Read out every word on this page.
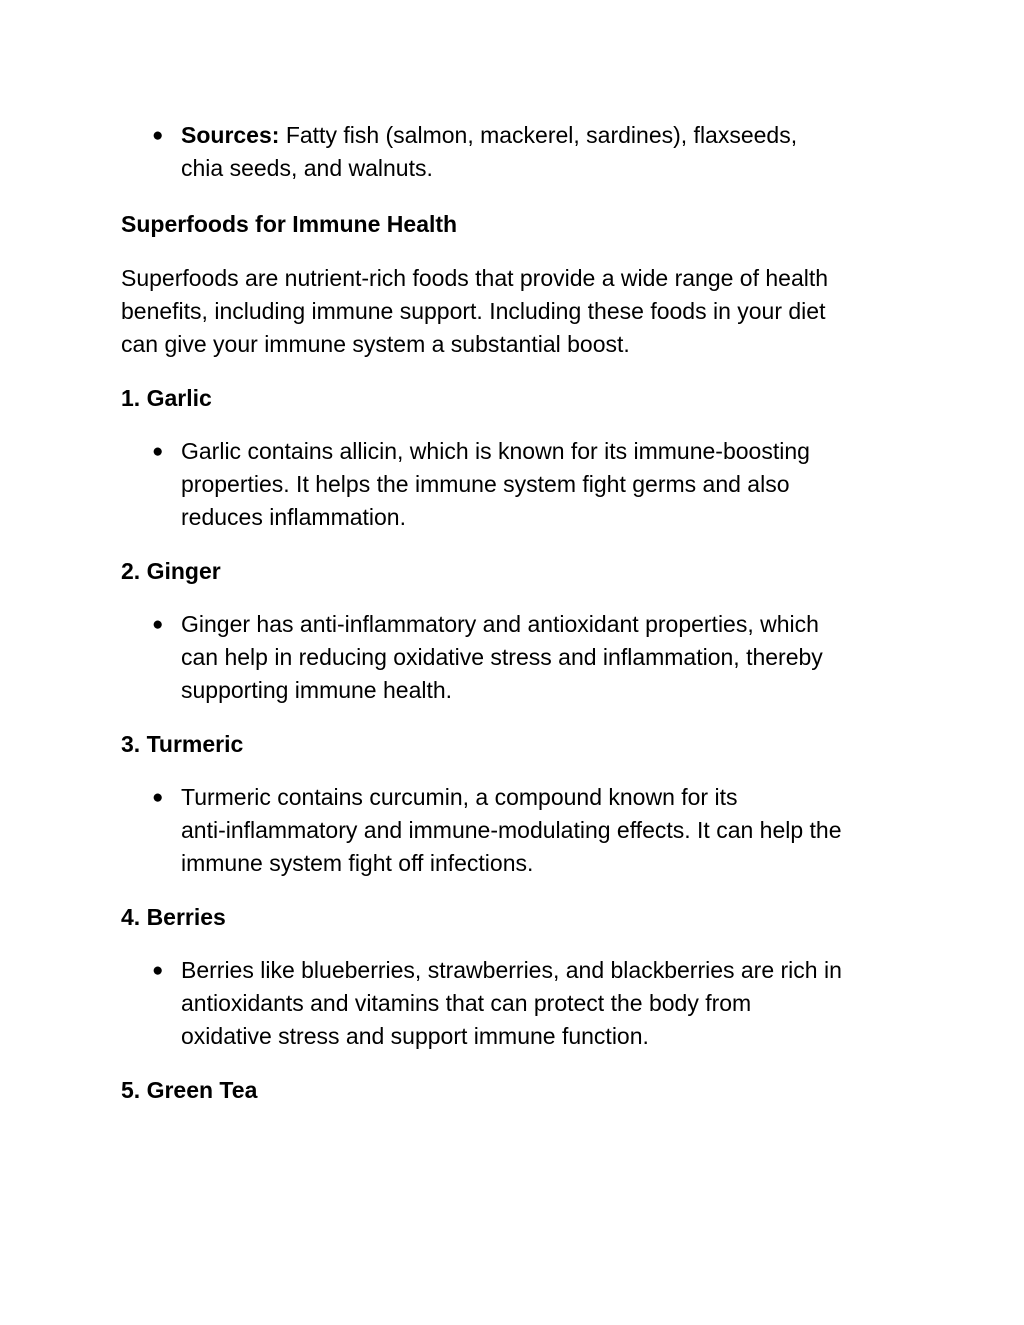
● Sources: Fatty fish (salmon, mackerel, sardines), flaxseeds,
chia seeds, and walnuts.
Superfoods for Immune Health
Superfoods are nutrient-rich foods that provide a wide range of health
benefits, including immune support. Including these foods in your diet
can give your immune system a substantial boost.
1. Garlic
● Garlic contains allicin, which is known for its immune-boosting
properties. It helps the immune system fight germs and also
reduces inflammation.
2. Ginger
● Ginger has anti-inflammatory and antioxidant properties, which
can help in reducing oxidative stress and inflammation, thereby
supporting immune health.
3. Turmeric
● Turmeric contains curcumin, a compound known for its
anti-inflammatory and immune-modulating effects. It can help the
immune system fight off infections.
4. Berries
● Berries like blueberries, strawberries, and blackberries are rich in
antioxidants and vitamins that can protect the body from
oxidative stress and support immune function.
5. Green Tea
